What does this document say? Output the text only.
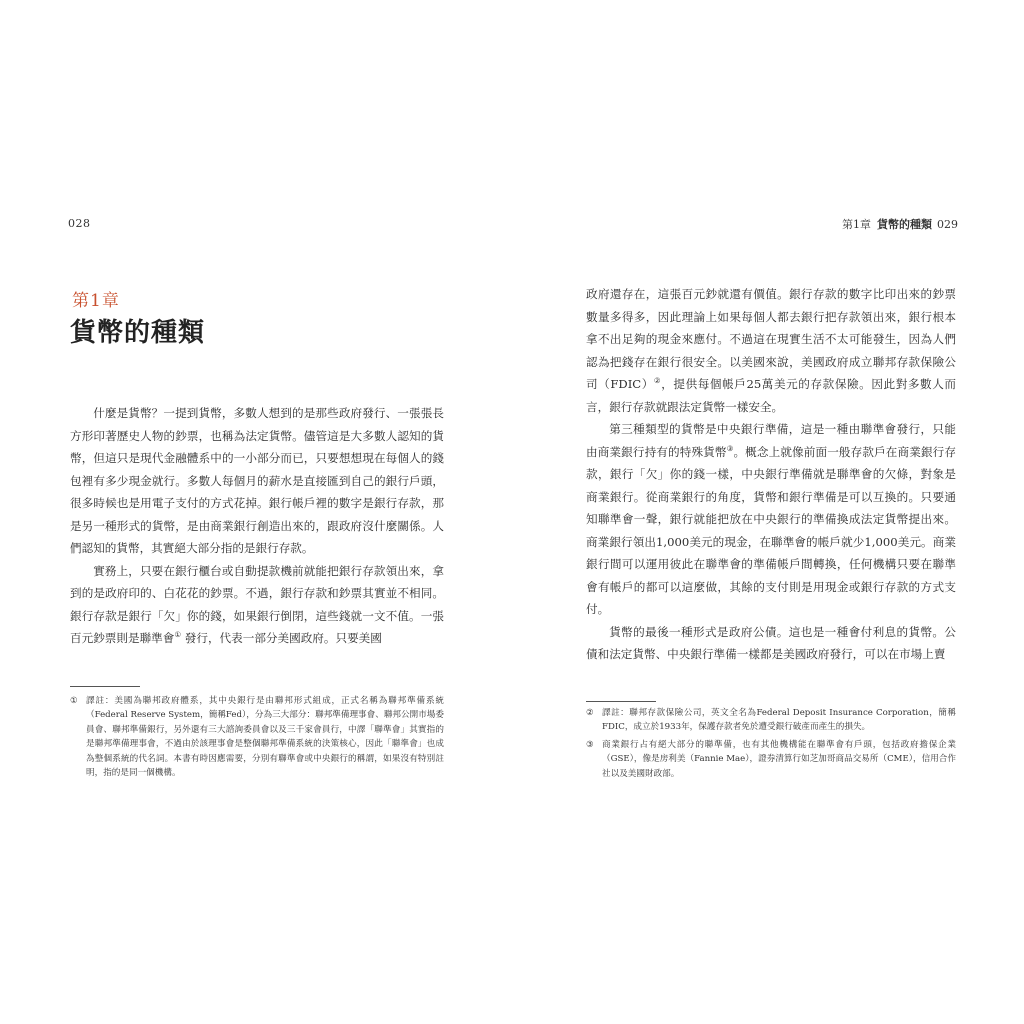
028
第1章
貨幣的種類

什麼是貨幣？一提到貨幣，多數人想到的是那些政府發行、一張張長方形印著歷史人物的鈔票，也稱為法定貨幣。儘管這是大多數人認知的貨幣，但這只是現代金融體系中的一小部分而已，只要想想現在每個人的錢包裡有多少現金就行。多數人每個月的薪水是直接匯到自己的銀行戶頭，很多時候也是用電子支付的方式花掉。銀行帳戶裡的數字是銀行存款，那是另一種形式的貨幣，是由商業銀行創造出來的，跟政府沒什麼關係。人們認知的貨幣，其實絕大部分指的是銀行存款。

實務上，只要在銀行櫃台或自動提款機前就能把銀行存款領出來，拿到的是政府印的、白花花的鈔票。不過，銀行存款和鈔票其實並不相同。銀行存款是銀行「欠」你的錢，如果銀行倒閉，這些錢就一文不值。一張百元鈔票則是聯準會① 發行，代表一部分美國政府。只要美國

① 譯註：美國為聯邦政府體系，其中央銀行是由聯邦形式組成，正式名稱為聯邦準備系統（Federal Reserve System，簡稱Fed），分為三大部分：聯邦準備理事會、聯邦公開市場委員會、聯邦準備銀行，另外還有三大諮詢委員會以及三千家會員行，中譯「聯準會」其實指的是聯邦準備理事會，不過由於該理事會是整個聯邦準備系統的決策核心，因此「聯準會」也成為整個系統的代名詞。本書有時因應需要，分別有聯準會或中央銀行的稱謂，如果沒有特別註明，指的是同一個機構。

第1章 貨幣的種類 029

政府還存在，這張百元鈔就還有價值。銀行存款的數字比印出來的鈔票數量多得多，因此理論上如果每個人都去銀行把存款領出來，銀行根本拿不出足夠的現金來應付。不過這在現實生活不太可能發生，因為人們認為把錢存在銀行很安全。以美國來說，美國政府成立聯邦存款保險公司（FDIC）②，提供每個帳戶25萬美元的存款保險。因此對多數人而言，銀行存款就跟法定貨幣一樣安全。

第三種類型的貨幣是中央銀行準備，這是一種由聯準會發行，只能由商業銀行持有的特殊貨幣③。概念上就像前面一般存款戶在商業銀行存款，銀行「欠」你的錢一樣，中央銀行準備就是聯準會的欠條，對象是商業銀行。從商業銀行的角度，貨幣和銀行準備是可以互換的。只要通知聯準會一聲，銀行就能把放在中央銀行的準備換成法定貨幣提出來。商業銀行領出1,000美元的現金，在聯準會的帳戶就少1,000美元。商業銀行間可以運用彼此在聯準會的準備帳戶間轉換，任何機構只要在聯準會有帳戶的都可以這麼做，其餘的支付則是用現金或銀行存款的方式支付。

貨幣的最後一種形式是政府公債。這也是一種會付利息的貨幣。公債和法定貨幣、中央銀行準備一樣都是美國政府發行，可以在市場上賣

② 譯註：聯邦存款保險公司，英文全名為Federal Deposit Insurance Corporation，簡稱FDIC，成立於1933年，保護存款者免於遭受銀行破產而產生的損失。

③ 商業銀行占有絕大部分的聯準備，也有其他機構能在聯準會有戶頭，包括政府擔保企業（GSE），像是房利美（Fannie Mae），證券清算行如芝加哥商品交易所（CME），信用合作社以及美國財政部。
